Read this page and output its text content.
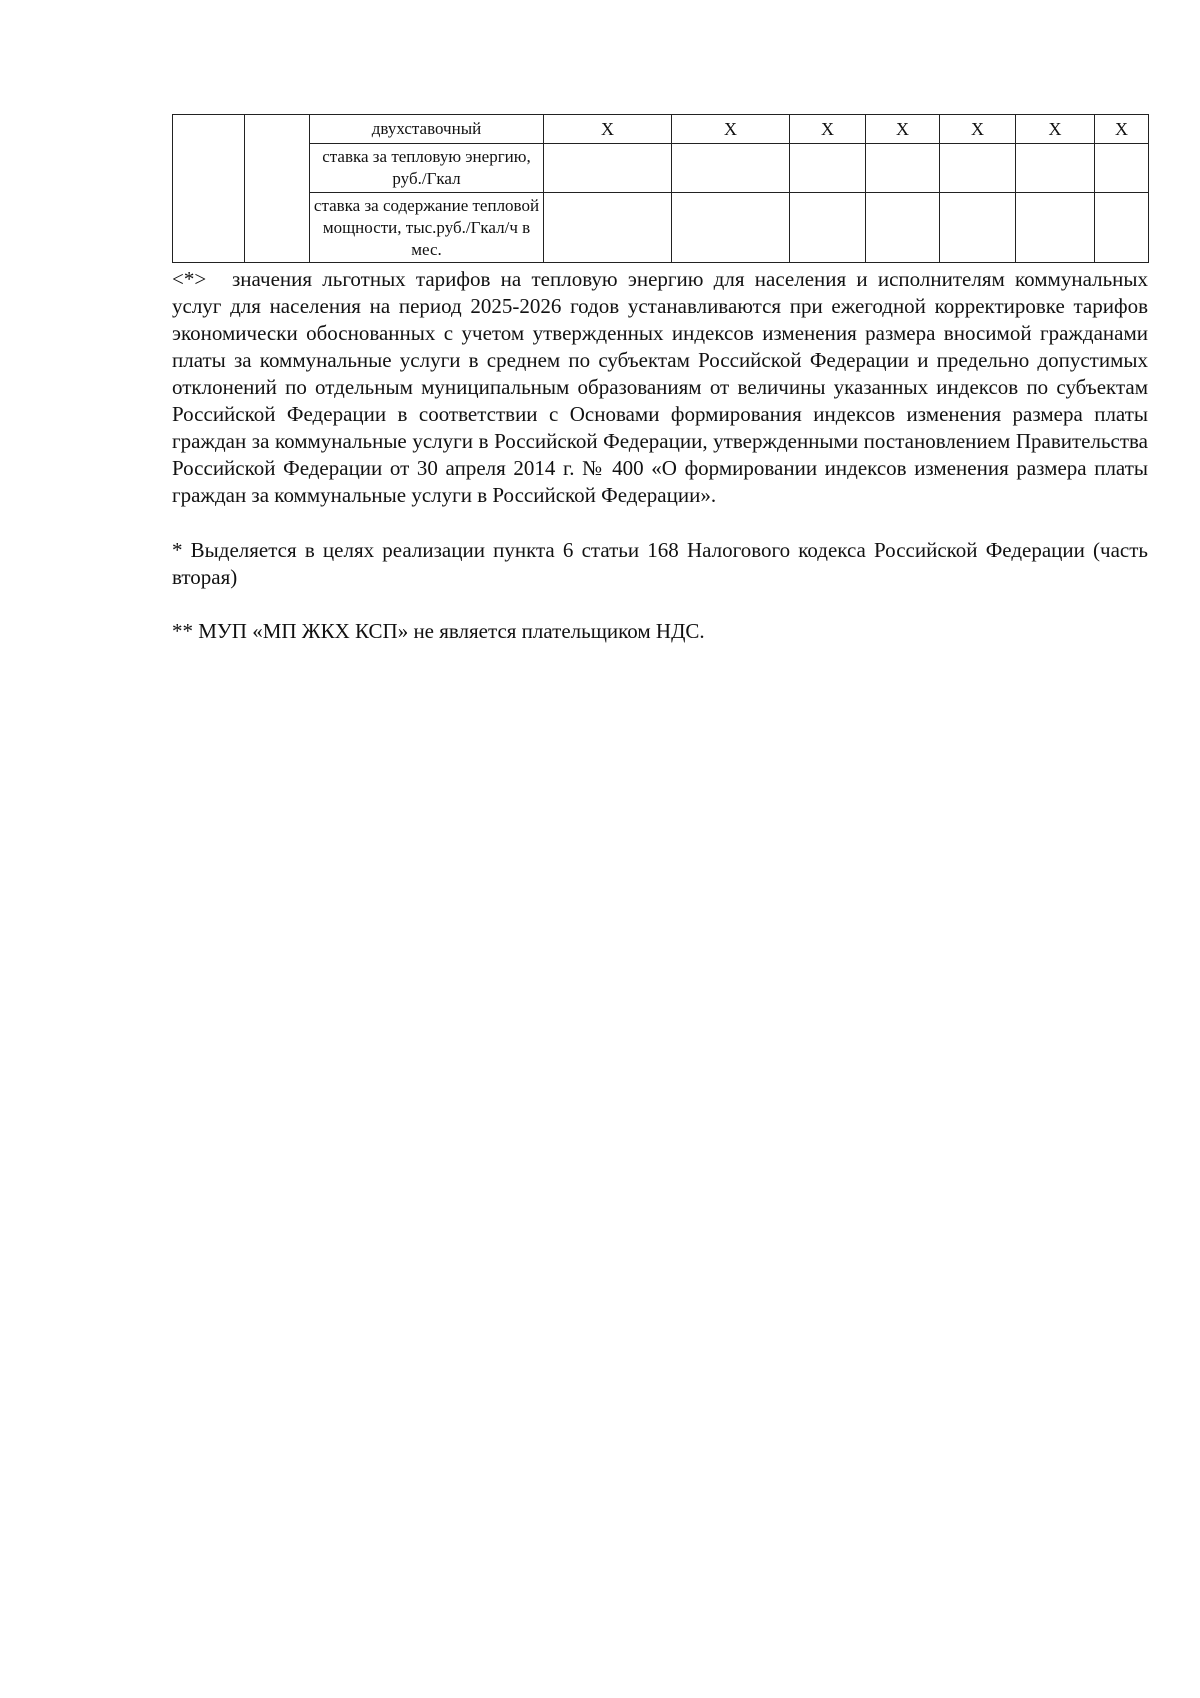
		двухставочный	X	X	X	X	X	X	X
		ставка за тепловую энергию, руб./Гкал							
		ставка за содержание тепловой мощности, тыс.руб./Гкал/ч в мес.							

<*> значения льготных тарифов на тепловую энергию для населения и исполнителям коммунальных услуг для населения на период 2025-2026 годов устанавливаются при ежегодной корректировке тарифов экономически обоснованных с учетом утвержденных индексов изменения размера вносимой гражданами платы за коммунальные услуги в среднем по субъектам Российской Федерации и предельно допустимых отклонений по отдельным муниципальным образованиям от величины указанных индексов по субъектам Российской Федерации в соответствии с Основами формирования индексов изменения размера платы граждан за коммунальные услуги в Российской Федерации, утвержденными постановлением Правительства Российской Федерации от 30 апреля 2014 г. № 400 «О формировании индексов изменения размера платы граждан за коммунальные услуги в Российской Федерации».

* Выделяется в целях реализации пункта 6 статьи 168 Налогового кодекса Российской Федерации (часть вторая)

** МУП «МП ЖКХ КСП» не является плательщиком НДС.
